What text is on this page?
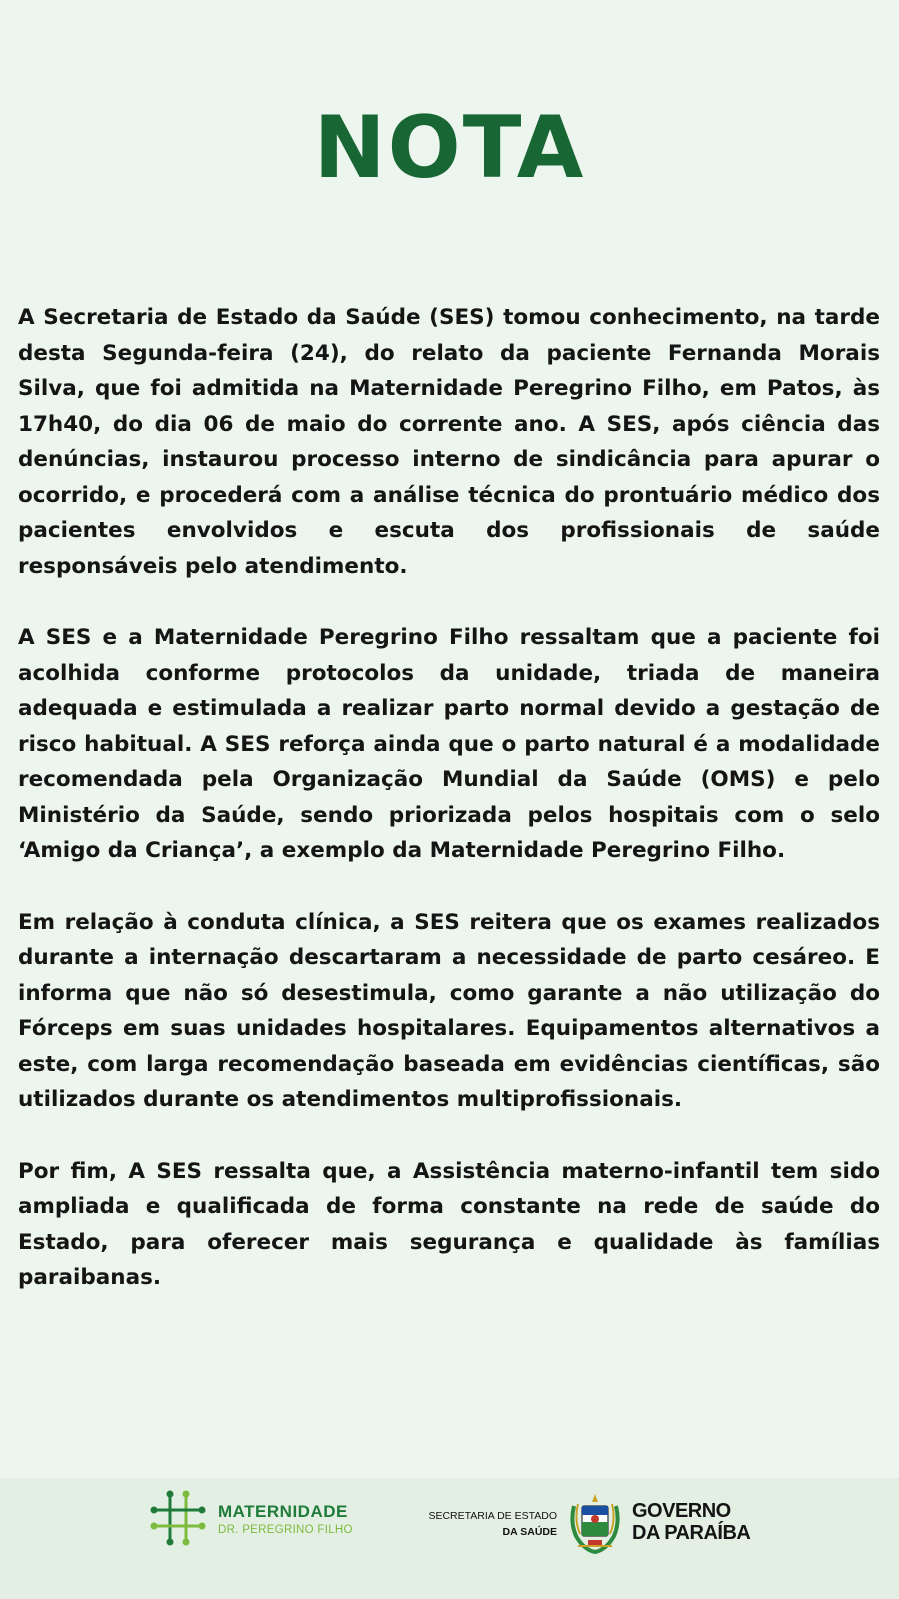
NOTA

A Secretaria de Estado da Saúde (SES) tomou conhecimento, na tarde desta Segunda-feira (24), do relato da paciente Fernanda Morais Silva, que foi admitida na Maternidade Peregrino Filho, em Patos, às 17h40, do dia 06 de maio do corrente ano. A SES, após ciência das denúncias, instaurou processo interno de sindicância para apurar o ocorrido, e procederá com a análise técnica do prontuário médico dos pacientes envolvidos e escuta dos profissionais de saúde responsáveis pelo atendimento.

A SES e a Maternidade Peregrino Filho ressaltam que a paciente foi acolhida conforme protocolos da unidade, triada de maneira adequada e estimulada a realizar parto normal devido a gestação de risco habitual. A SES reforça ainda que o parto natural é a modalidade recomendada pela Organização Mundial da Saúde (OMS) e pelo Ministério da Saúde, sendo priorizada pelos hospitais com o selo ‘Amigo da Criança’, a exemplo da Maternidade Peregrino Filho.

Em relação à conduta clínica, a SES reitera que os exames realizados durante a internação descartaram a necessidade de parto cesáreo. E informa que não só desestimula, como garante a não utilização do Fórceps em suas unidades hospitalares. Equipamentos alternativos a este, com larga recomendação baseada em evidências científicas, são utilizados durante os atendimentos multiprofissionais.

Por fim, A SES ressalta que, a Assistência materno-infantil tem sido ampliada e qualificada de forma constante na rede de saúde do Estado, para oferecer mais segurança e qualidade às famílias paraibanas.

MATERNIDADE
DR. PEREGRINO FILHO
SECRETARIA DE ESTADO
DA SAÚDE
GOVERNO
DA PARAÍBA
